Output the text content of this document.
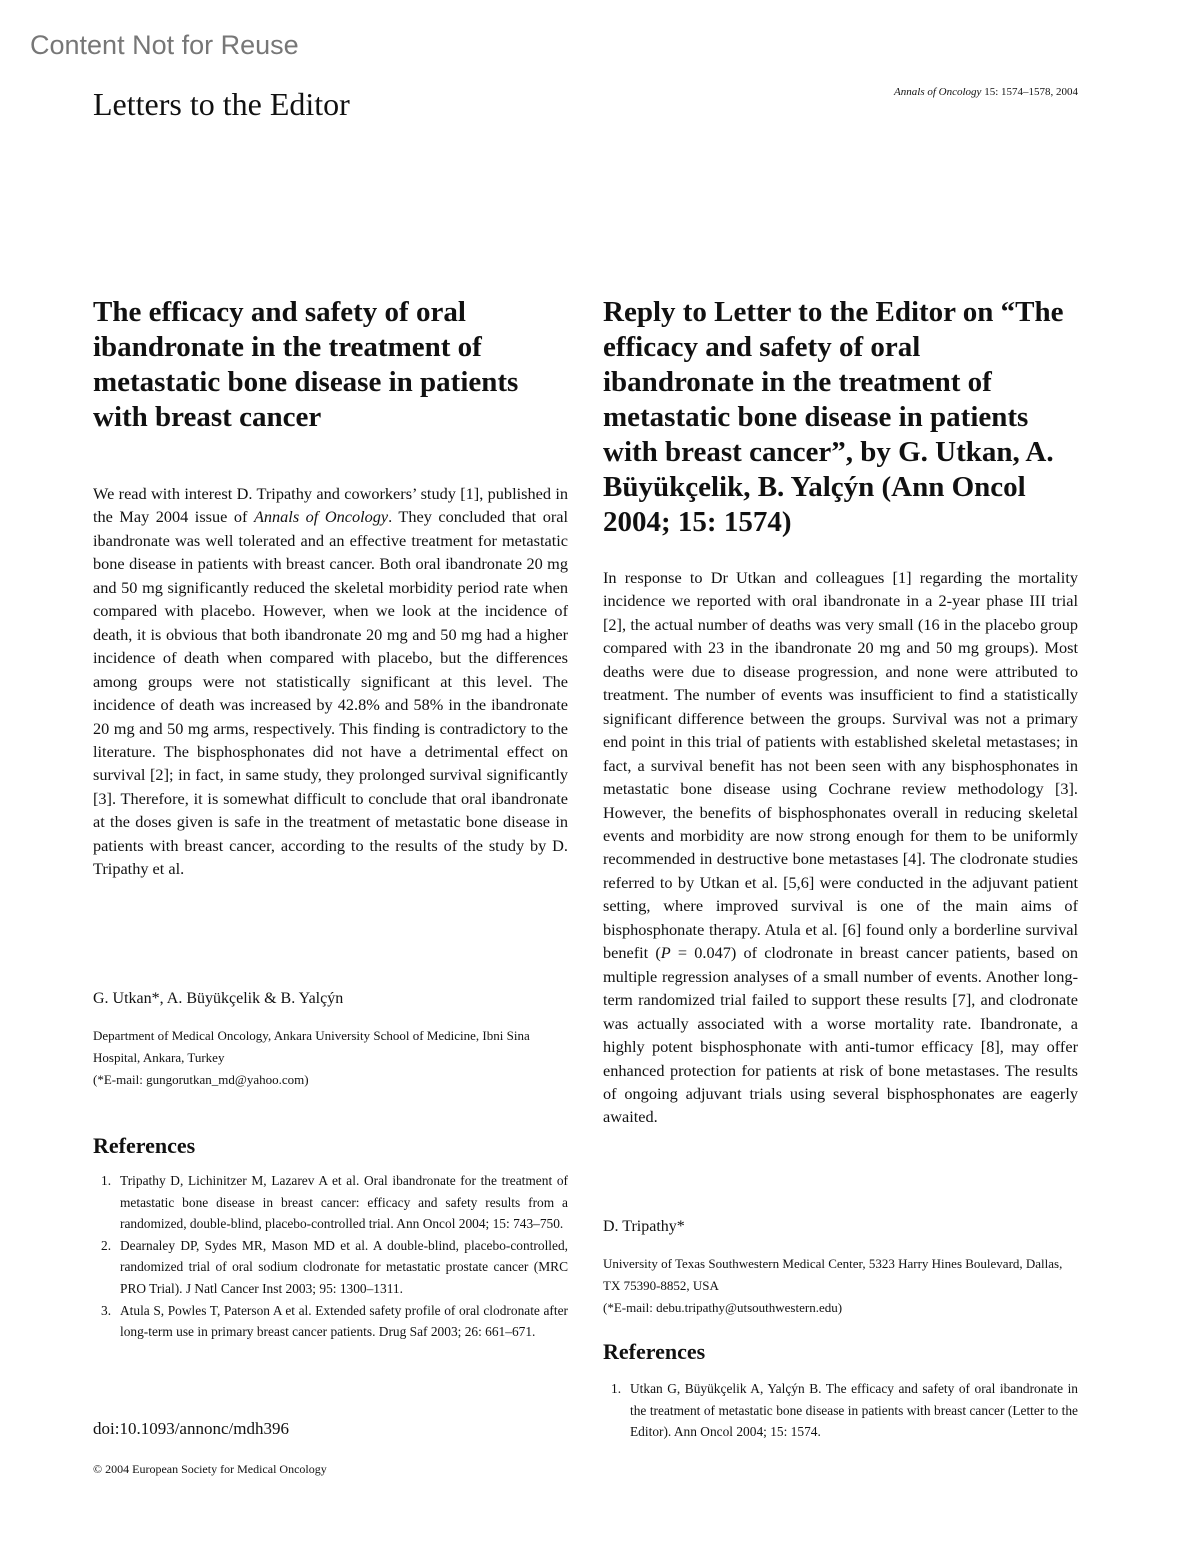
Content Not for Reuse
Letters to the Editor	Annals of Oncology 15: 1574–1578, 2004
The efficacy and safety of oral ibandronate in the treatment of metastatic bone disease in patients with breast cancer

We read with interest D. Tripathy and coworkers’ study [1], published in the May 2004 issue of Annals of Oncology. They concluded that oral ibandronate was well tolerated and an effective treatment for metastatic bone disease in patients with breast cancer. Both oral ibandronate 20 mg and 50 mg significantly reduced the skeletal morbidity period rate when compared with placebo. However, when we look at the incidence of death, it is obvious that both ibandronate 20 mg and 50 mg had a higher incidence of death when compared with placebo, but the differences among groups were not statistically significant at this level. The incidence of death was increased by 42.8% and 58% in the ibandronate 20 mg and 50 mg arms, respectively. This finding is contradictory to the literature. The bisphosphonates did not have a detrimental effect on survival [2]; in fact, in same study, they prolonged survival significantly [3]. Therefore, it is somewhat difficult to conclude that oral ibandronate at the doses given is safe in the treatment of metastatic bone disease in patients with breast cancer, according to the results of the study by D. Tripathy et al.

G. Utkan*, A. Büyükçelik & B. Yalçýn
Department of Medical Oncology, Ankara University School of Medicine, Ibni Sina Hospital, Ankara, Turkey
(*E-mail: gungorutkan_md@yahoo.com)
References
1. Tripathy D, Lichinitzer M, Lazarev A et al. Oral ibandronate for the treatment of metastatic bone disease in breast cancer: efficacy and safety results from a randomized, double-blind, placebo-controlled trial. Ann Oncol 2004; 15: 743–750.
2. Dearnaley DP, Sydes MR, Mason MD et al. A double-blind, placebo-controlled, randomized trial of oral sodium clodronate for metastatic prostate cancer (MRC PRO Trial). J Natl Cancer Inst 2003; 95: 1300–1311.
3. Atula S, Powles T, Paterson A et al. Extended safety profile of oral clodronate after long-term use in primary breast cancer patients. Drug Saf 2003; 26: 661–671.
doi:10.1093/annonc/mdh396
© 2004 European Society for Medical Oncology
Reply to Letter to the Editor on “The efficacy and safety of oral ibandronate in the treatment of metastatic bone disease in patients with breast cancer”, by G. Utkan, A. Büyükçelik, B. Yalçýn (Ann Oncol 2004; 15: 1574)

In response to Dr Utkan and colleagues [1] regarding the mortality incidence we reported with oral ibandronate in a 2-year phase III trial [2], the actual number of deaths was very small (16 in the placebo group compared with 23 in the ibandronate 20 mg and 50 mg groups). Most deaths were due to disease progression, and none were attributed to treatment. The number of events was insufficient to find a statistically significant difference between the groups. Survival was not a primary end point in this trial of patients with established skeletal metastases; in fact, a survival benefit has not been seen with any bisphosphonates in metastatic bone disease using Cochrane review methodology [3]. However, the benefits of bisphosphonates overall in reducing skeletal events and morbidity are now strong enough for them to be uniformly recommended in destructive bone metastases [4]. The clodronate studies referred to by Utkan et al. [5,6] were conducted in the adjuvant patient setting, where improved survival is one of the main aims of bisphosphonate therapy. Atula et al. [6] found only a borderline survival benefit (P = 0.047) of clodronate in breast cancer patients, based on multiple regression analyses of a small number of events. Another long-term randomized trial failed to support these results [7], and clodronate was actually associated with a worse mortality rate. Ibandronate, a highly potent bisphosphonate with anti-tumor efficacy [8], may offer enhanced protection for patients at risk of bone metastases. The results of ongoing adjuvant trials using several bisphosphonates are eagerly awaited.

D. Tripathy*
University of Texas Southwestern Medical Center, 5323 Harry Hines Boulevard, Dallas, TX 75390-8852, USA
(*E-mail: debu.tripathy@utsouthwestern.edu)
References
1. Utkan G, Büyükçelik A, Yalçýn B. The efficacy and safety of oral ibandronate in the treatment of metastatic bone disease in patients with breast cancer (Letter to the Editor). Ann Oncol 2004; 15: 1574.
